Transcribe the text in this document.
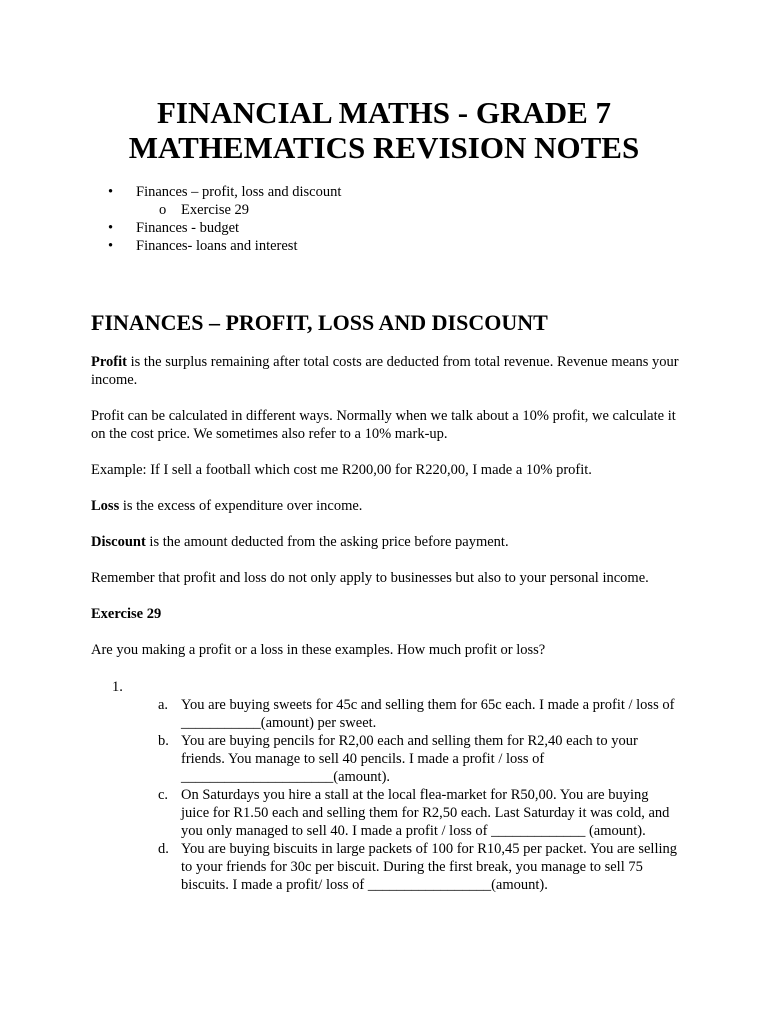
FINANCIAL MATHS - GRADE 7
MATHEMATICS REVISION NOTES
• Finances – profit, loss and discount
o Exercise 29
• Finances - budget
• Finances- loans and interest
FINANCES – PROFIT, LOSS AND DISCOUNT

Profit is the surplus remaining after total costs are deducted from total revenue. Revenue means your income.

Profit can be calculated in different ways. Normally when we talk about a 10% profit, we calculate it on the cost price. We sometimes also refer to a 10% mark-up.

Example: If I sell a football which cost me R200,00 for R220,00, I made a 10% profit.

Loss is the excess of expenditure over income.

Discount is the amount deducted from the asking price before payment.

Remember that profit and loss do not only apply to businesses but also to your personal income.

Exercise 29

Are you making a profit or a loss in these examples. How much profit or loss?

1.
a. You are buying sweets for 45c and selling them for 65c each. I made a profit / loss of ___________(amount) per sweet.
b. You are buying pencils for R2,00 each and selling them for R2,40 each to your friends. You manage to sell 40 pencils. I made a profit / loss of _____________________(amount).
c. On Saturdays you hire a stall at the local flea-market for R50,00. You are buying juice for R1.50 each and selling them for R2,50 each. Last Saturday it was cold, and you only managed to sell 40. I made a profit / loss of _____________ (amount).
d. You are buying biscuits in large packets of 100 for R10,45 per packet. You are selling to your friends for 30c per biscuit. During the first break, you manage to sell 75 biscuits. I made a profit/ loss of _________________(amount).
